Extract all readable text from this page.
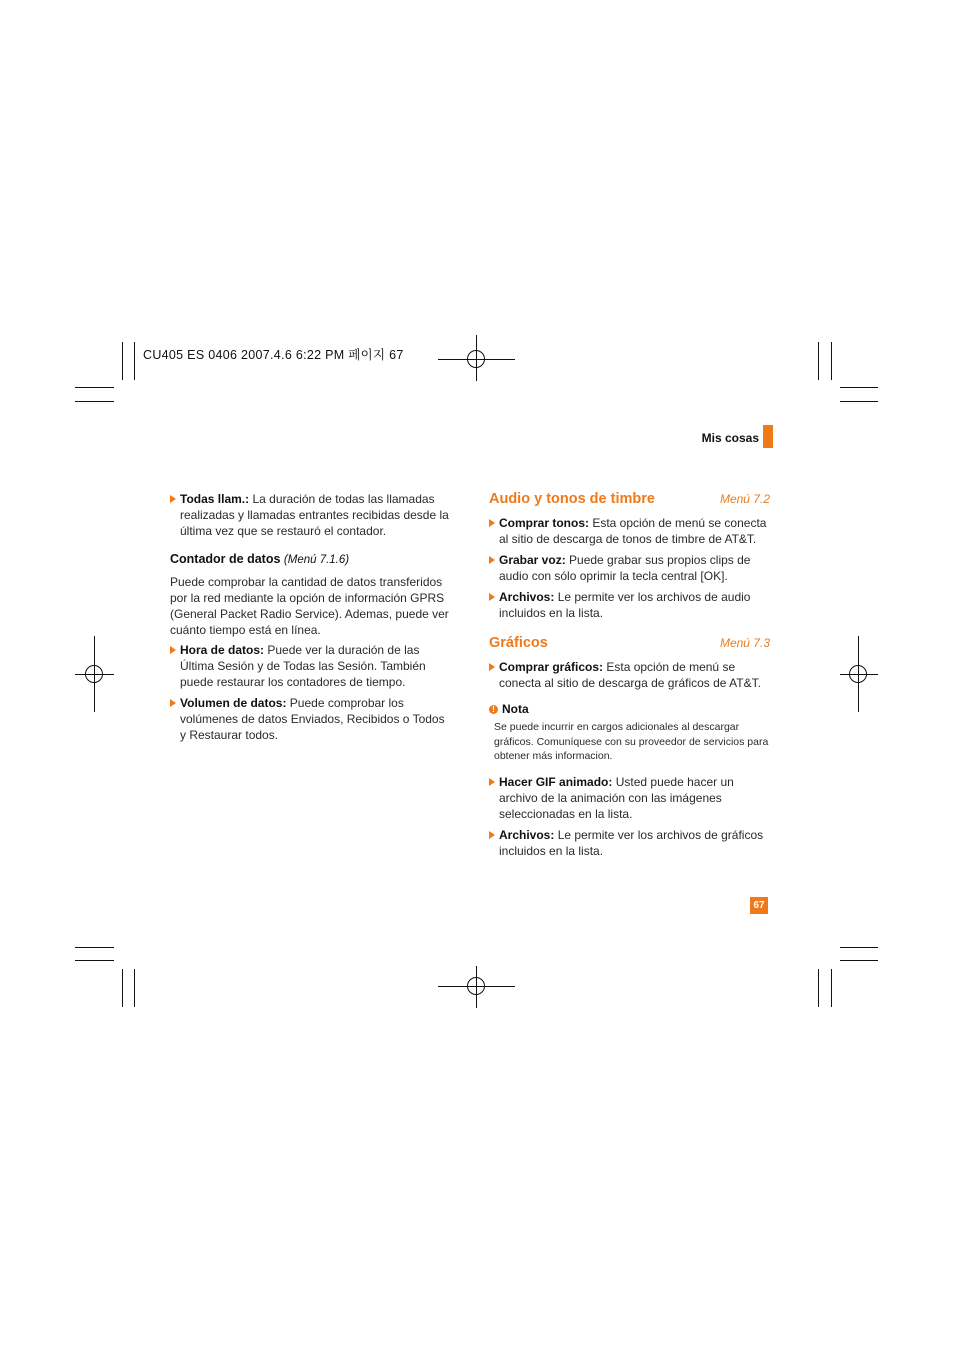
CU405 ES 0406 2007.4.6 6:22 PM 페이지 67
Mis cosas
Todas llam.: La duración de todas las llamadas realizadas y llamadas entrantes recibidas desde la última vez que se restauró el contador.
Contador de datos (Menú 7.1.6)

Puede comprobar la cantidad de datos transferidos por la red mediante la opción de información GPRS (General Packet Radio Service). Ademas, puede ver cuánto tiempo está en línea.

Hora de datos: Puede ver la duración de las Última Sesión y de Todas las Sesión. También puede restaurar los contadores de tiempo.
Volumen de datos: Puede comprobar los volúmenes de datos Enviados, Recibidos o Todos y Restaurar todos.
Audio y tonos de timbre	Menú 7.2
Comprar tonos: Esta opción de menú se conecta al sitio de descarga de tonos de timbre de AT&T.
Grabar voz: Puede grabar sus propios clips de audio con sólo oprimir la tecla central [OK].
Archivos: Le permite ver los archivos de audio incluidos en la lista.
Gráficos	Menú 7.3
Comprar gráficos: Esta opción de menú se conecta al sitio de descarga de gráficos de AT&T.
! Nota
Se puede incurrir en cargos adicionales al descargar gráficos. Comuníquese con su proveedor de servicios para obtener más informacion.
Hacer GIF animado: Usted puede hacer un archivo de la animación con las imágenes seleccionadas en la lista.
Archivos: Le permite ver los archivos de gráficos incluidos en la lista.
67
